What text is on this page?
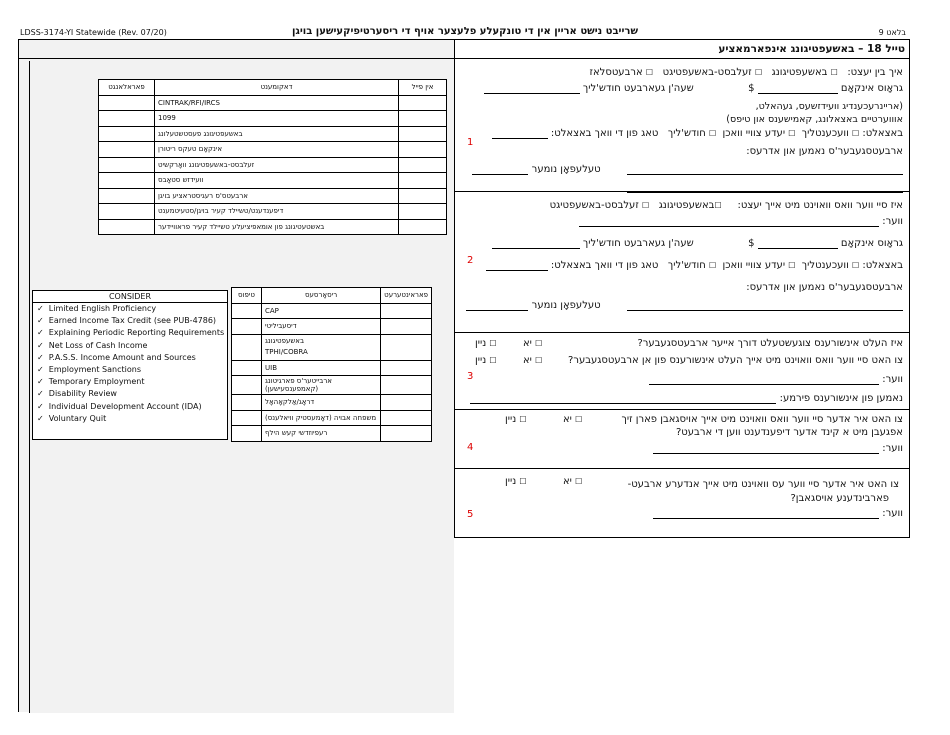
LDSS-3174-YI Statewide (Rev. 07/20)	שרייבט נישט אריין אין די טונקעלע פלעצער אויף די ריסערטיפיקעישען בויגן	בלאט 9
אין פייל	דאקומענט	פאראלאנגט
	CINTRAK/RFI/IRCS	
	1099	
	באשעפטיגונג פעסטשטעלונג	
	אינקאָם טעקס ריטורן	
	זעלבסט-באשעפטיגונג וואָרקשיט	
	וועידזש סטאָבס	
	ארבעטס'ס רעגיסטראציע בויגן	
	דיפענדענט/טשיילד קעיר בויגן/סטעיטמענט	
	באשטעטיגונג פון אומאפיציעלע טשיילד קעיר פראוויידער	
פאראינטערעט	ריסאָרסעס	טיפוס
	CAP	
	דיסעביליטי	
	באשעפטיגונג
TPHI/COBRA	
	UIB	
	ארבייטער'ס פארגיטונג (קאמפענסעישען)	
	דראָג/אַלקאָהאָל	
	משפחה אבויה (דאָמעסטיק וויאלענס)	
	רעפיוזדשי קעש הילף	
CONSIDER
✓ Limited English Proficiency
✓ Earned Income Tax Credit (see PUB-4786)
✓ Explaining Periodic Reporting Requirements
✓ Net Loss of Cash Income
✓ P.A.S.S. Income Amount and Sources
✓ Employment Sanctions
✓ Temporary Employment
✓ Disability Review
✓ Individual Development Account (IDA)
✓ Voluntary Quit
טייל 18 – באשעפטיגונג אינפארמאציע
1
איך בין יעצט:   ☐ באשעפטיגונג   ☐ זעלבסט-באשעפטיגט   ☐ ארבעטסלאז
גראָוס אינקאָם  $  שעה'ן געארבעט חודש'ליך
(אריינרעכענדיג וועידזשעס, געהאלט,
אוווערטיים באצאלונג, קאמישענס און טיפס)
באצאלט: ☐ וועכענטליך  ☐ יעדע צוויי וואכן  ☐ חודש'ליך   טאג פון די וואך באצאלט:
ארבעטסגעבער'ס נאמען און אדרעס:
טעלעפאָן נומער
2
איז סיי ווער וואס וואוינט מיט אייך יעצט:     ☐באשעפטיגונג   ☐ זעלבסט-באשעפטיגט
ווער:
גראָוס אינקאָם  $  שעה'ן געארבעט חודש'ליך
באצאלט: ☐ וועכענטליך  ☐ יעדע צוויי וואכן  ☐ חודש'ליך   טאג פון די וואך באצאלט:
ארבעטסגעבער'ס נאמען און אדרעס:
טעלעפאָן נומער
3
איז העלט אינשורענס צוגעשטעלט דורך אייער ארבעטסגעבער?
☐ יא
☐ ניין
צו האט סיי ווער וואס וואוינט מיט אייך העלט אינשורענס פון אן ארבעטסגעבער?
☐ יא
☐ ניין
ווער:
נאמען פון אינשורענס פירמע:
4
צו האט איר אדער סיי ווער וואס וואוינט מיט אייך אויסגאבן פארן זיך
☐ יא
☐ ניין
אפגעבן מיט א קינד אדער דיפענדענט ווען די ארבעט?
ווער:
5
צו האט איר אדער סיי ווער עס וואוינט מיט אייך אנדערע ארבעט-
☐ יא
☐ ניין
פארבינדענע אויסגאבן?
ווער:
